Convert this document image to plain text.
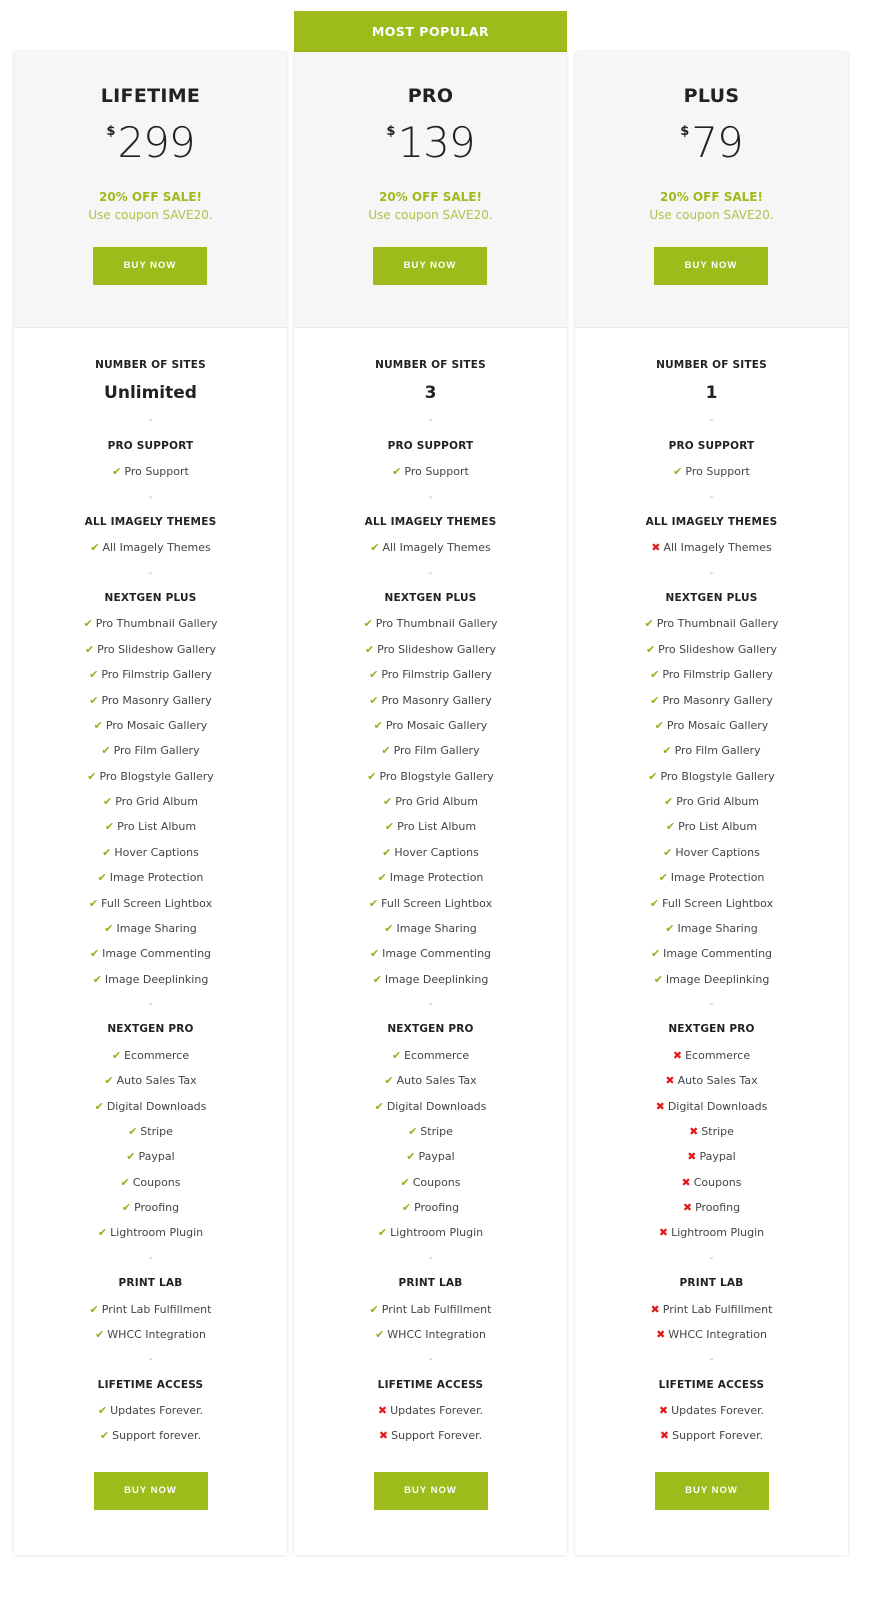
LIFETIME
$299
20% OFF SALE!
Use coupon SAVE20.
BUY NOW
NUMBER OF SITES
Unlimited
-
PRO SUPPORT
✔ Pro Support
-
ALL IMAGELY THEMES
✔ All Imagely Themes
-
NEXTGEN PLUS
✔ Pro Thumbnail Gallery
✔ Pro Slideshow Gallery
✔ Pro Filmstrip Gallery
✔ Pro Masonry Gallery
✔ Pro Mosaic Gallery
✔ Pro Film Gallery
✔ Pro Blogstyle Gallery
✔ Pro Grid Album
✔ Pro List Album
✔ Hover Captions
✔ Image Protection
✔ Full Screen Lightbox
✔ Image Sharing
✔ Image Commenting
✔ Image Deeplinking
-
NEXTGEN PRO
✔ Ecommerce
✔ Auto Sales Tax
✔ Digital Downloads
✔ Stripe
✔ Paypal
✔ Coupons
✔ Proofing
✔ Lightroom Plugin
-
PRINT LAB
✔ Print Lab Fulfillment
✔ WHCC Integration
-
LIFETIME ACCESS
✔ Updates Forever.
✔ Support forever.
BUY NOW
MOST POPULAR
PRO
$139
20% OFF SALE!
Use coupon SAVE20.
BUY NOW
NUMBER OF SITES
3
-
PRO SUPPORT
✔ Pro Support
-
ALL IMAGELY THEMES
✔ All Imagely Themes
-
NEXTGEN PLUS
✔ Pro Thumbnail Gallery
✔ Pro Slideshow Gallery
✔ Pro Filmstrip Gallery
✔ Pro Masonry Gallery
✔ Pro Mosaic Gallery
✔ Pro Film Gallery
✔ Pro Blogstyle Gallery
✔ Pro Grid Album
✔ Pro List Album
✔ Hover Captions
✔ Image Protection
✔ Full Screen Lightbox
✔ Image Sharing
✔ Image Commenting
✔ Image Deeplinking
-
NEXTGEN PRO
✔ Ecommerce
✔ Auto Sales Tax
✔ Digital Downloads
✔ Stripe
✔ Paypal
✔ Coupons
✔ Proofing
✔ Lightroom Plugin
-
PRINT LAB
✔ Print Lab Fulfillment
✔ WHCC Integration
-
LIFETIME ACCESS
✖ Updates Forever.
✖ Support Forever.
BUY NOW
PLUS
$79
20% OFF SALE!
Use coupon SAVE20.
BUY NOW
NUMBER OF SITES
1
-
PRO SUPPORT
✔ Pro Support
-
ALL IMAGELY THEMES
✖ All Imagely Themes
-
NEXTGEN PLUS
✔ Pro Thumbnail Gallery
✔ Pro Slideshow Gallery
✔ Pro Filmstrip Gallery
✔ Pro Masonry Gallery
✔ Pro Mosaic Gallery
✔ Pro Film Gallery
✔ Pro Blogstyle Gallery
✔ Pro Grid Album
✔ Pro List Album
✔ Hover Captions
✔ Image Protection
✔ Full Screen Lightbox
✔ Image Sharing
✔ Image Commenting
✔ Image Deeplinking
-
NEXTGEN PRO
✖ Ecommerce
✖ Auto Sales Tax
✖ Digital Downloads
✖ Stripe
✖ Paypal
✖ Coupons
✖ Proofing
✖ Lightroom Plugin
-
PRINT LAB
✖ Print Lab Fulfillment
✖ WHCC Integration
-
LIFETIME ACCESS
✖ Updates Forever.
✖ Support Forever.
BUY NOW
